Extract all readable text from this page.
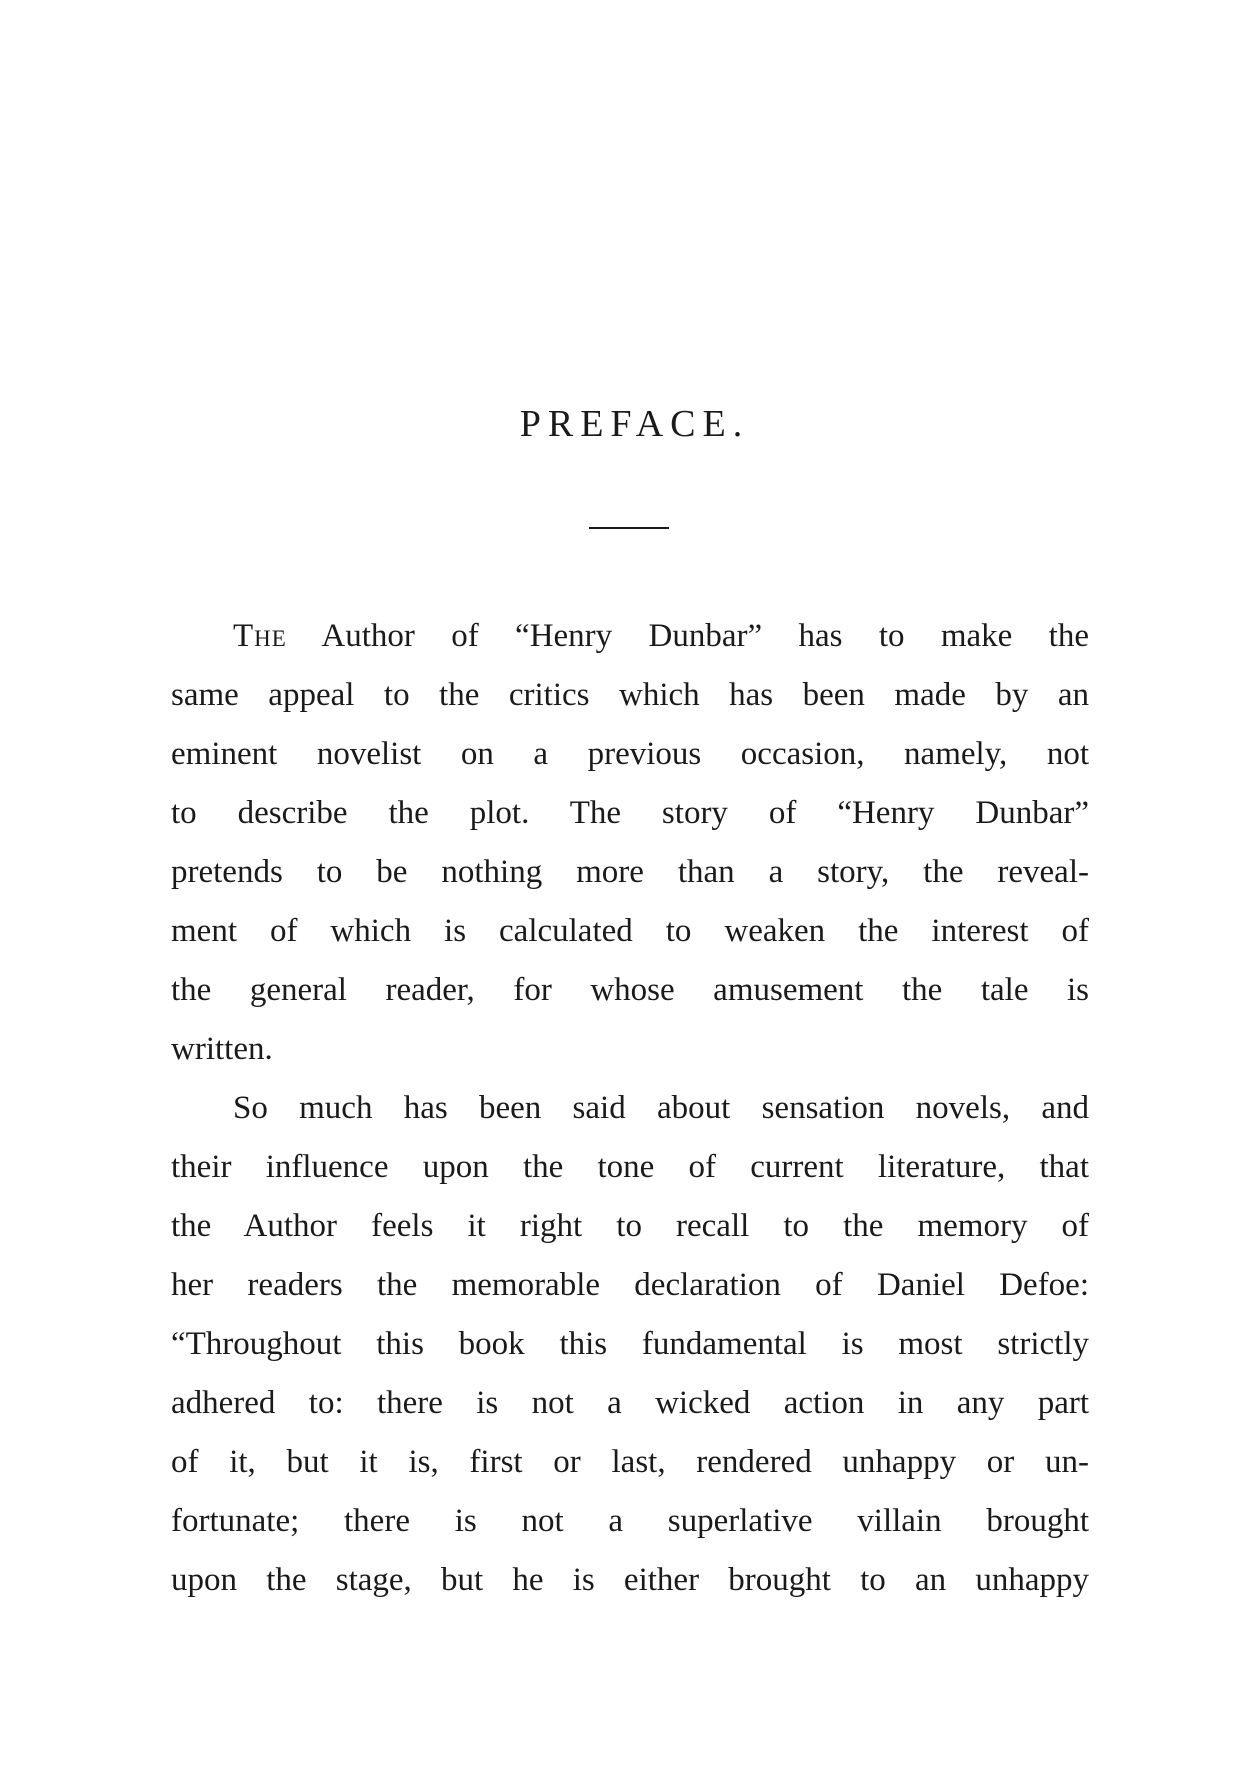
PREFACE.
The Author of “Henry Dunbar” has to make the
same appeal to the critics which has been made by an
eminent novelist on a previous occasion, namely, not
to describe the plot. The story of “Henry Dunbar”
pretends to be nothing more than a story, the reveal-
ment of which is calculated to weaken the interest of
the general reader, for whose amusement the tale is
written.
So much has been said about sensation novels, and
their influence upon the tone of current literature, that
the Author feels it right to recall to the memory of
her readers the memorable declaration of Daniel Defoe:
“Throughout this book this fundamental is most strictly
adhered to: there is not a wicked action in any part
of it, but it is, first or last, rendered unhappy or un-
fortunate; there is not a superlative villain brought
upon the stage, but he is either brought to an unhappy
